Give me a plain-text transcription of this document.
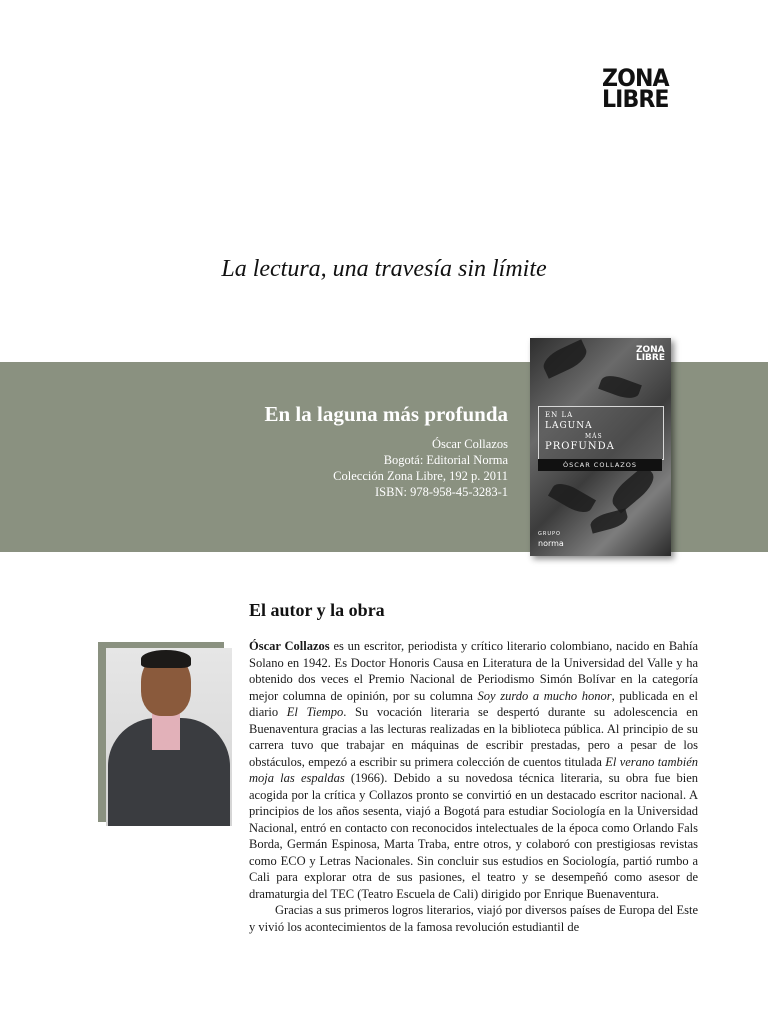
ZONA
LIBRE
La lectura, una travesía sin límite
En la laguna más profunda
Óscar Collazos
Bogotá: Editorial Norma
Colección Zona Libre, 192 p. 2011
ISBN: 978-958-45-3283-1
ZONA
LIBRE
EN LA
LAGUNA
MÁS
PROFUNDA
ÓSCAR COLLAZOS
GRUPO
norma
El autor y la obra

Óscar Collazos es un escritor, periodista y crítico literario colombiano, nacido en Bahía Solano en 1942. Es Doctor Honoris Causa en Literatura de la Universidad del Valle y ha obtenido dos veces el Premio Nacional de Periodismo Simón Bolívar en la categoría mejor columna de opinión, por su columna Soy zurdo a mucho honor, publicada en el diario El Tiempo. Su vocación literaria se despertó durante su adolescencia en Buenaventura gracias a las lecturas realizadas en la biblioteca pública. Al principio de su carrera tuvo que trabajar en máquinas de escribir prestadas, pero a pesar de los obstáculos, empezó a escribir su primera colección de cuentos titulada El verano también moja las espaldas (1966). Debido a su novedosa técnica literaria, su obra fue bien acogida por la crítica y Collazos pronto se convirtió en un destacado escritor nacional. A principios de los años sesenta, viajó a Bogotá para estudiar Sociología en la Universidad Nacional, entró en contacto con reconocidos intelectuales de la época como Orlando Fals Borda, Germán Espinosa, Marta Traba, entre otros, y colaboró con prestigiosas revistas como ECO y Letras Nacionales. Sin concluir sus estudios en Sociología, partió rumbo a Cali para explorar otra de sus pasiones, el teatro y se desempeñó como asesor de dramaturgia del TEC (Teatro Escuela de Cali) dirigido por Enrique Buenaventura.

Gracias a sus primeros logros literarios, viajó por diversos países de Europa del Este y vivió los acontecimientos de la famosa revolución estudiantil de
